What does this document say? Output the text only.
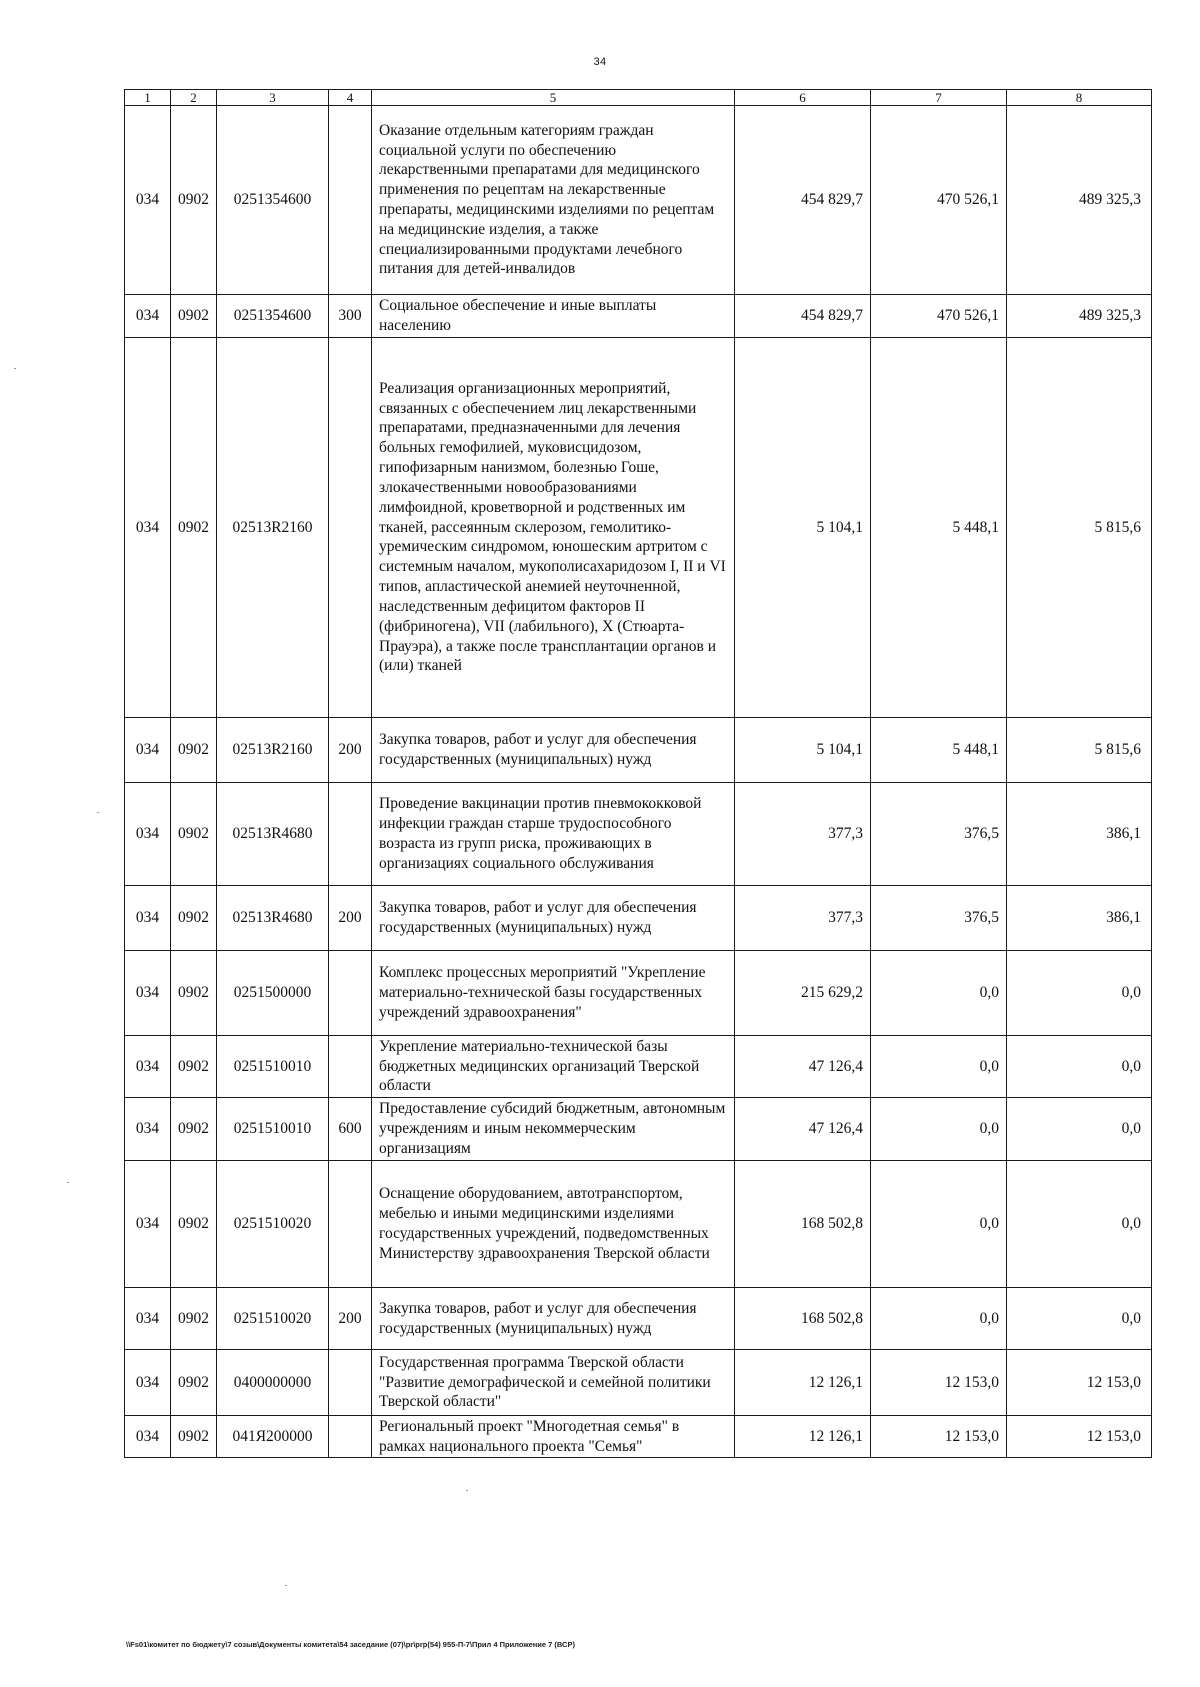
34
1	2	3	4	5	6	7	8
034	0902	0251354600		Оказание отдельным категориям граждан социальной услуги по обеспечению лекарственными препаратами для медицинского применения по рецептам на лекарственные препараты, медицинскими изделиями по рецептам на медицинские изделия, а также специализированными продуктами лечебного питания для детей-инвалидов	454 829,7	470 526,1	489 325,3
034	0902	0251354600	300	Социальное обеспечение и иные выплаты населению	454 829,7	470 526,1	489 325,3
034	0902	02513R2160		Реализация организационных мероприятий, связанных с обеспечением лиц лекарственными препаратами, предназначенными для лечения больных гемофилией, муковисцидозом, гипофизарным нанизмом, болезнью Гоше, злокачественными новообразованиями лимфоидной, кроветворной и родственных им тканей, рассеянным склерозом, гемолитико-уремическим синдромом, юношеским артритом с системным началом, мукополисахаридозом I, II и VI типов, апластической анемией неуточненной, наследственным дефицитом факторов II (фибриногена), VII (лабильного), X (Стюарта-Прауэра), а также после трансплантации органов и (или) тканей	5 104,1	5 448,1	5 815,6
034	0902	02513R2160	200	Закупка товаров, работ и услуг для обеспечения государственных (муниципальных) нужд	5 104,1	5 448,1	5 815,6
034	0902	02513R4680		Проведение вакцинации против пневмококковой инфекции граждан старше трудоспособного возраста из групп риска, проживающих в организациях социального обслуживания	377,3	376,5	386,1
034	0902	02513R4680	200	Закупка товаров, работ и услуг для обеспечения государственных (муниципальных) нужд	377,3	376,5	386,1
034	0902	0251500000		Комплекс процессных мероприятий "Укрепление материально-технической базы государственных учреждений здравоохранения"	215 629,2	0,0	0,0
034	0902	0251510010		Укрепление материально-технической базы бюджетных медицинских организаций Тверской области	47 126,4	0,0	0,0
034	0902	0251510010	600	Предоставление субсидий бюджетным, автономным учреждениям и иным некоммерческим организациям	47 126,4	0,0	0,0
034	0902	0251510020		Оснащение оборудованием, автотранспортом, мебелью и иными медицинскими изделиями государственных учреждений, подведомственных Министерству здравоохранения Тверской области	168 502,8	0,0	0,0
034	0902	0251510020	200	Закупка товаров, работ и услуг для обеспечения государственных (муниципальных) нужд	168 502,8	0,0	0,0
034	0902	0400000000		Государственная программа Тверской области "Развитие демографической и семейной политики Тверской области"	12 126,1	12 153,0	12 153,0
034	0902	041Я200000		Региональный проект "Многодетная семья" в рамках национального проекта "Семья"	12 126,1	12 153,0	12 153,0
\\Fs01\комитет по бюджету\7 созыв\Документы комитета\54 заседание (07)\pr\prp(54) 955-П-7\Прил 4 Приложение 7 (ВСР)
